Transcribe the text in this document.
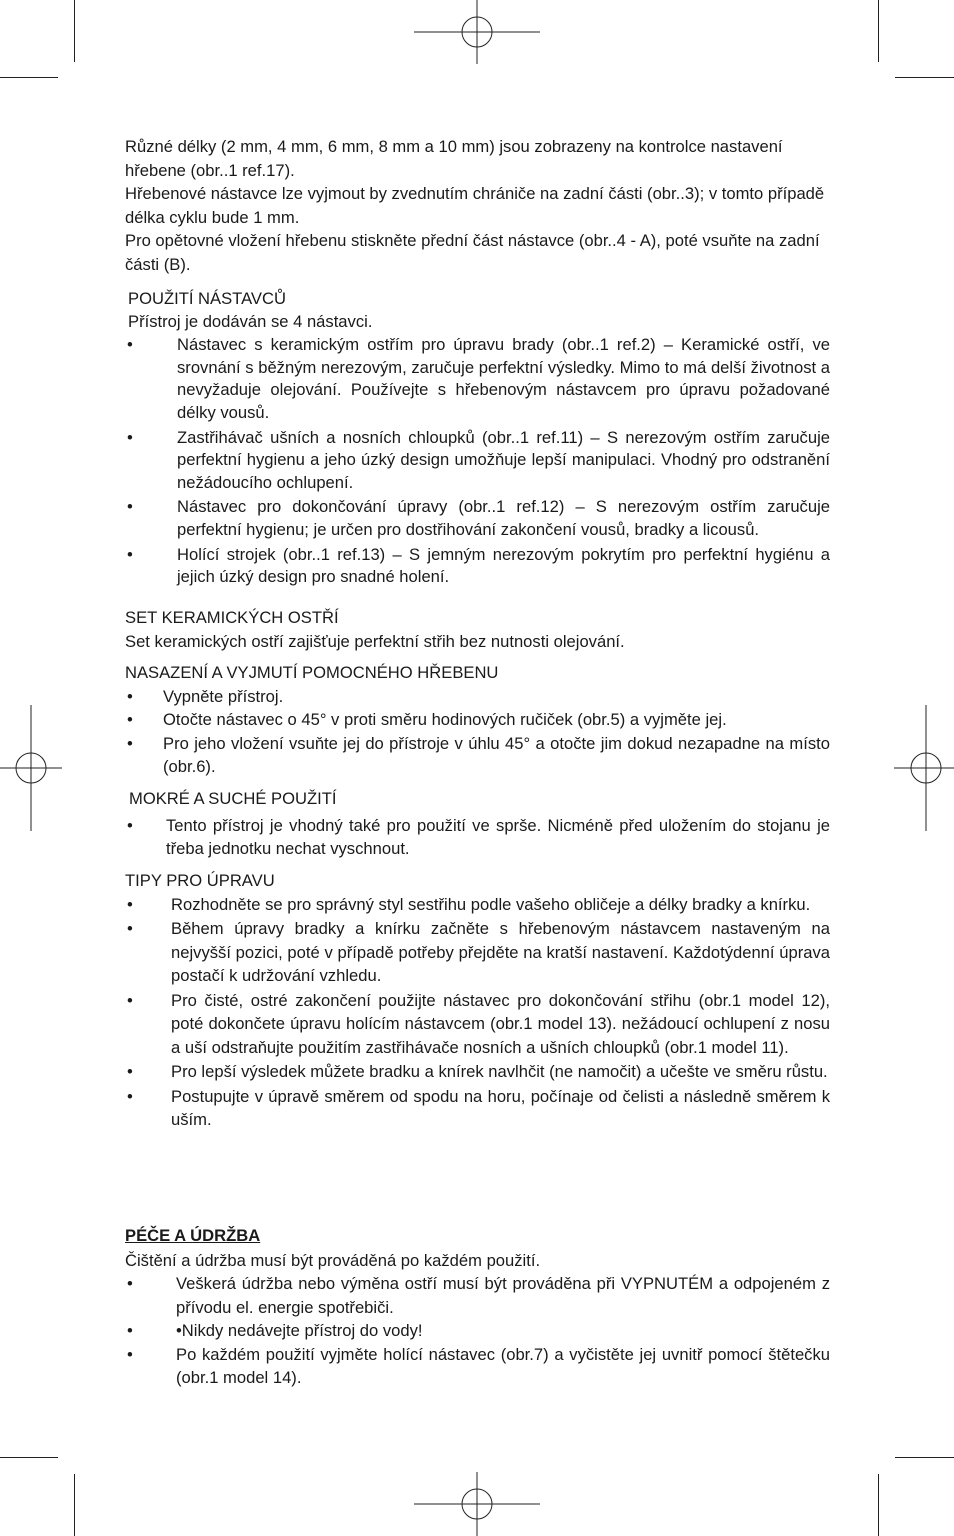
Různé délky (2 mm, 4 mm, 6 mm, 8 mm a 10 mm) jsou zobrazeny na kontrolce nastavení hřebene (obr..1 ref.17).

Hřebenové nástavce lze vyjmout by zvednutím chrániče na zadní části (obr..3); v tomto případě délka cyklu bude 1 mm.

Pro opětovné vložení hřebenu stiskněte přední část nástavce (obr..4 - A), poté vsuňte na zadní části (B).

POUŽITÍ NÁSTAVCŮ

Přístroj je dodáván se 4 nástavci.

• Nástavec s keramickým ostřím pro úpravu brady (obr..1 ref.2) – Keramické ostří, ve srovnání s běžným nerezovým, zaručuje perfektní výsledky. Mimo to má delší životnost a nevyžaduje olejování. Používejte s hřebenovým nástavcem pro úpravu požadované délky vousů.
• Zastřihávač ušních a nosních chloupků (obr..1 ref.11) – S nerezovým ostřím zaručuje perfektní hygienu a jeho úzký design umožňuje lepší manipulaci. Vhodný pro odstranění nežádoucího ochlupení.
• Nástavec pro dokončování úpravy (obr..1 ref.12) – S nerezovým ostřím zaručuje perfektní hygienu; je určen pro dostřihování zakončení vousů, bradky a licousů.
• Holící strojek (obr..1 ref.13) – S jemným nerezovým pokrytím pro perfektní hygiénu a jejich úzký design pro snadné holení.

SET KERAMICKÝCH OSTŘÍ

Set keramických ostří zajišťuje perfektní střih bez nutnosti olejování.

NASAZENÍ A VYJMUTÍ POMOCNÉHO HŘEBENU

• Vypněte přístroj.
• Otočte nástavec o 45° v proti směru hodinových ručiček (obr.5) a vyjměte jej.
• Pro jeho vložení vsuňte jej do přístroje v úhlu 45° a otočte jim dokud nezapadne na místo (obr.6).

MOKRÉ A SUCHÉ POUŽITÍ

• Tento přístroj je vhodný také pro použití ve sprše. Nicméně před uložením do stojanu je třeba jednotku nechat vyschnout.

TIPY PRO ÚPRAVU

• Rozhodněte se pro správný styl sestřihu podle vašeho obličeje a délky bradky a knírku.
• Během úpravy bradky a knírku začněte s hřebenovým nástavcem nastaveným na nejvyšší pozici, poté v případě potřeby přejděte na kratší nastavení. Každotýdenní úprava postačí k udržování vzhledu.
• Pro čisté, ostré zakončení použijte nástavec pro dokončování střihu (obr.1 model 12), poté dokončete úpravu holícím nástavcem (obr.1 model 13). nežádoucí ochlupení z nosu a uší odstraňujte použitím zastřihávače nosních a ušních chloupků (obr.1 model 11).
• Pro lepší výsledek můžete bradku a knírek navlhčit (ne namočit) a učešte ve směru růstu.
• Postupujte v úpravě směrem od spodu na horu, počínaje od čelisti a následně směrem k uším.

PÉČE A ÚDRŽBA

Čištění a údržba musí být prováděná po každém použití.

• Veškerá údržba nebo výměna ostří musí být prováděna při VYPNUTÉM a odpojeném z přívodu el. energie spotřebiči.
• •Nikdy nedávejte přístroj do vody!
• Po každém použití vyjměte holící nástavec (obr.7) a vyčistěte jej uvnitř pomocí štětečku (obr.1 model 14).
